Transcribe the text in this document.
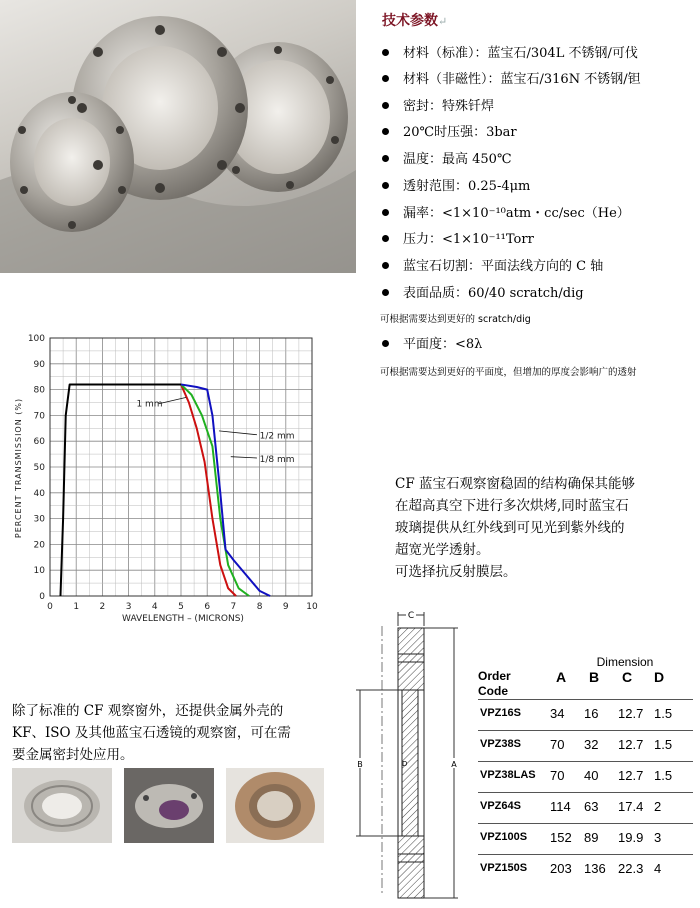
技术参数↵
材料（标准）：蓝宝石/304L 不锈钢/可伐
材料（非磁性）：蓝宝石/316N 不锈钢/钽
密封：特殊钎焊
20℃时压强：3bar
温度：最高 450℃
透射范围：0.25-4μm
漏率：<1×10⁻¹⁰atm・cc/sec（He）
压力：<1×10⁻¹¹Torr
蓝宝石切割：平面法线方向的 C 轴
表面品质：60/40 scratch/dig
可根据需要达到更好的 scratch/dig
平面度：<8λ
可根据需要达到更好的平面度，但增加的厚度会影响广的透射
0 1 2 3 4 5 6 7 8 9 10
0
10
20
30
40
50
60
70
80
90
100
1 mm
1/2 mm
1/8 mm
WAVELENGTH – (MICRONS)
PERCENT TRANSMISSION (%)	CF 蓝宝石观察窗稳固的结构确保其能够
在超高真空下进行多次烘烤,同时蓝宝石
玻璃提供从红外线到可见光到紫外线的
超宽光学透射。
可选择抗反射膜层。
除了标准的 CF 观察窗外，还提供金属外壳的
KF、ISO 及其他蓝宝石透镜的观察窗，可在需
要金属密封处应用。
C
B	D	A
Dimension
Order
Code
A B C D
VPZ16S 34 16 12.7 1.5
VPZ38S 70 32 12.7 1.5
VPZ38LAS 70 40 12.7 1.5
VPZ64S 114 63 17.4 2
VPZ100S 152 89 19.9 3
VPZ150S 203 136 22.3 4
